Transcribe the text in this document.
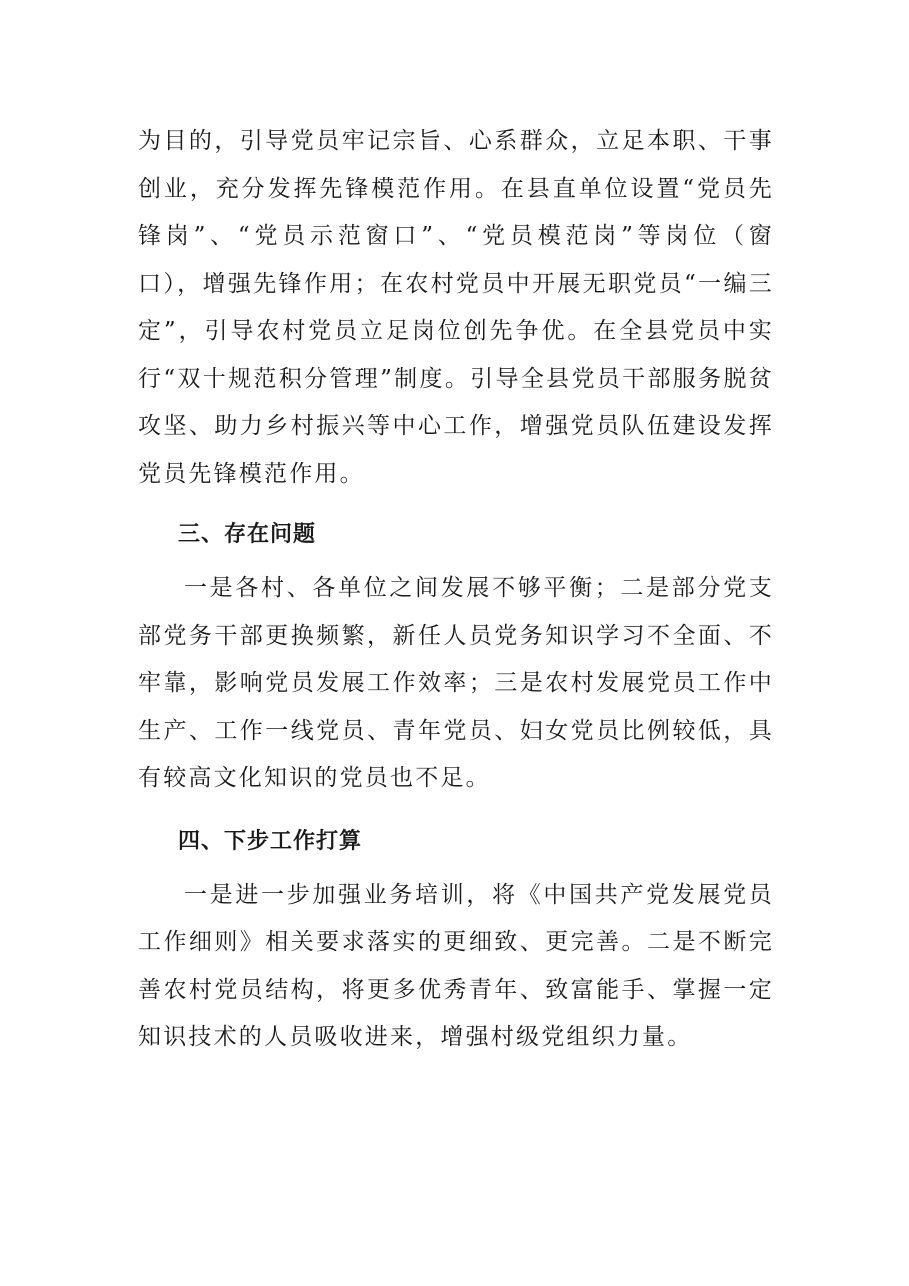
为目的，引导党员牢记宗旨、心系群众，立足本职、干事创业，充分发挥先锋模范作用。在县直单位设置“党员先锋岗”、“党员示范窗口”、“党员模范岗”等岗位（窗口），增强先锋作用；在农村党员中开展无职党员“一编三定”，引导农村党员立足岗位创先争优。在全县党员中实行“双十规范积分管理”制度。引导全县党员干部服务脱贫攻坚、助力乡村振兴等中心工作，增强党员队伍建设发挥党员先锋模范作用。

三、存在问题

一是各村、各单位之间发展不够平衡；二是部分党支部党务干部更换频繁，新任人员党务知识学习不全面、不牢靠，影响党员发展工作效率；三是农村发展党员工作中生产、工作一线党员、青年党员、妇女党员比例较低，具有较高文化知识的党员也不足。

四、下步工作打算

一是进一步加强业务培训，将《中国共产党发展党员工作细则》相关要求落实的更细致、更完善。二是不断完善农村党员结构，将更多优秀青年、致富能手、掌握一定知识技术的人员吸收进来，增强村级党组织力量。
